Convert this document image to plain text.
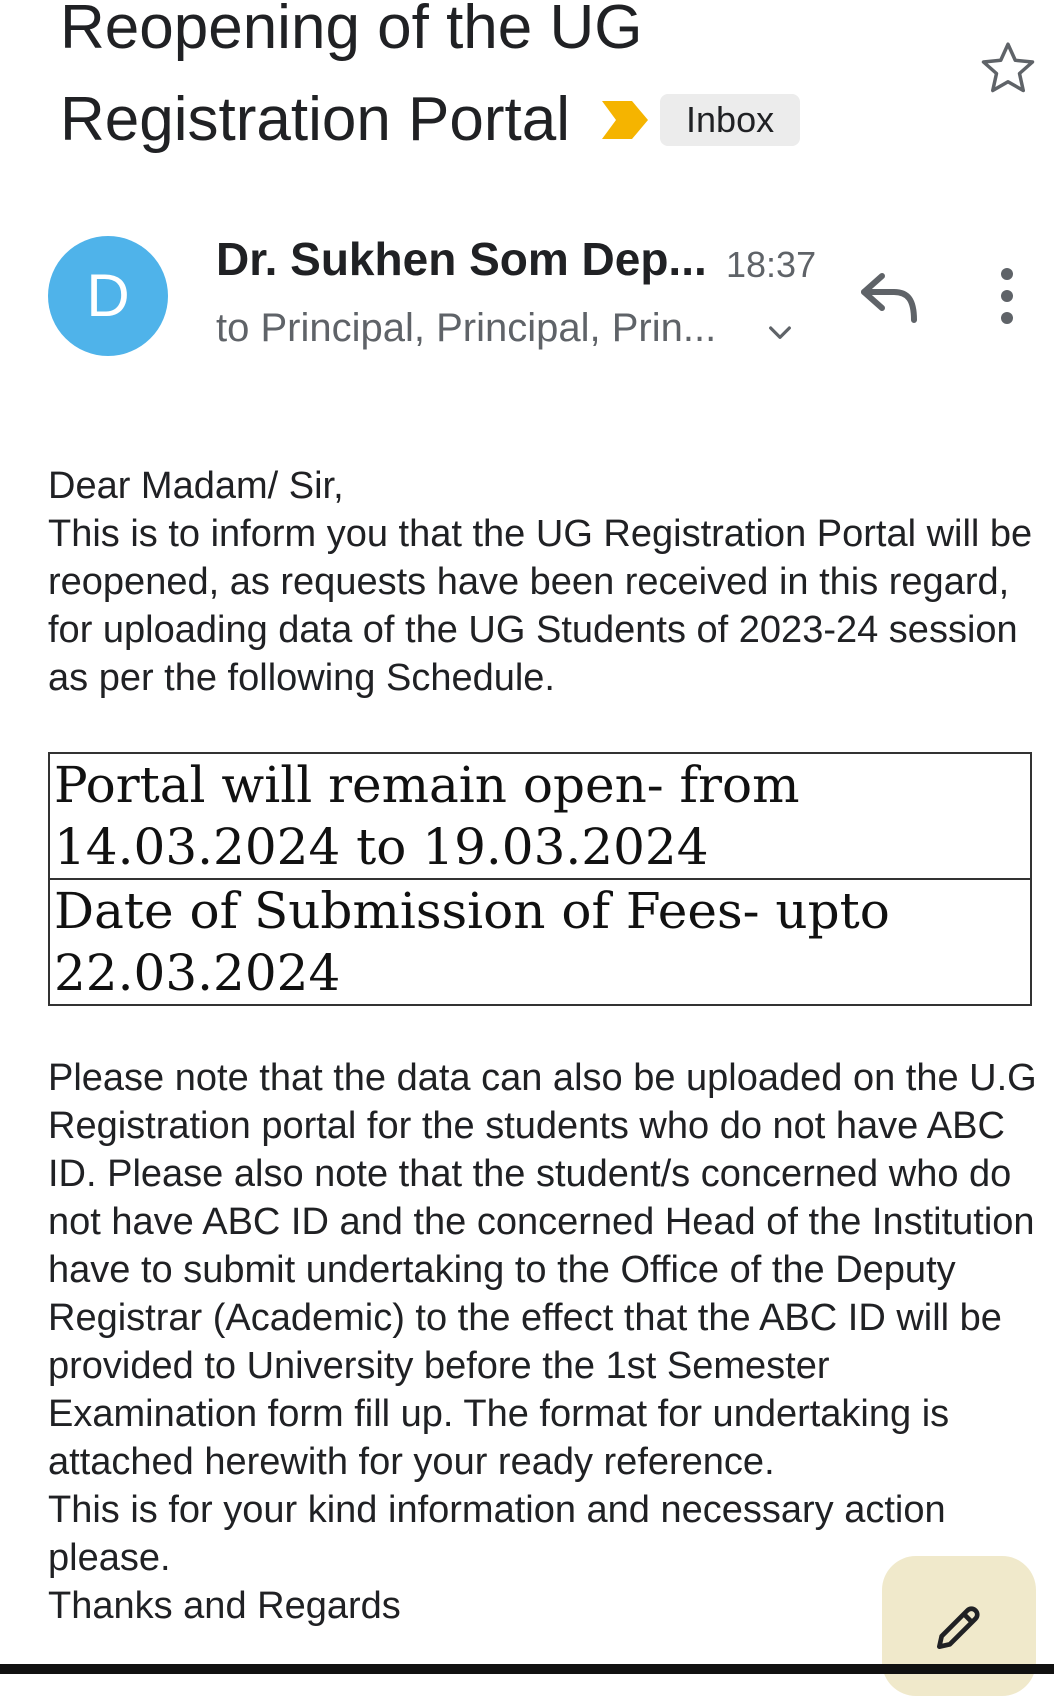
Reopening of the UG
Registration Portal	Inbox
D
Dr. Sukhen Som Dep... 18:37
to Principal, Principal, Prin...

Dear Madam/ Sir,

This is to inform you that the UG Registration Portal will be reopened, as requests have been received in this regard, for uploading data of the UG Students of 2023-24 session as per the following Schedule.

Portal will remain open- from 14.03.2024 to 19.03.2024
Date of Submission of Fees- upto 22.03.2024

Please note that the data can also be uploaded on the U.G Registration portal for the students who do not have ABC ID. Please also note that the student/s concerned who do not have ABC ID and the concerned Head of the Institution have to submit undertaking to the Office of the Deputy Registrar (Academic) to the effect that the ABC ID will be provided to University before the 1st Semester Examination form fill up. The format for undertaking is attached herewith for your ready reference.

This is for your kind information and necessary action please.

Thanks and Regards
